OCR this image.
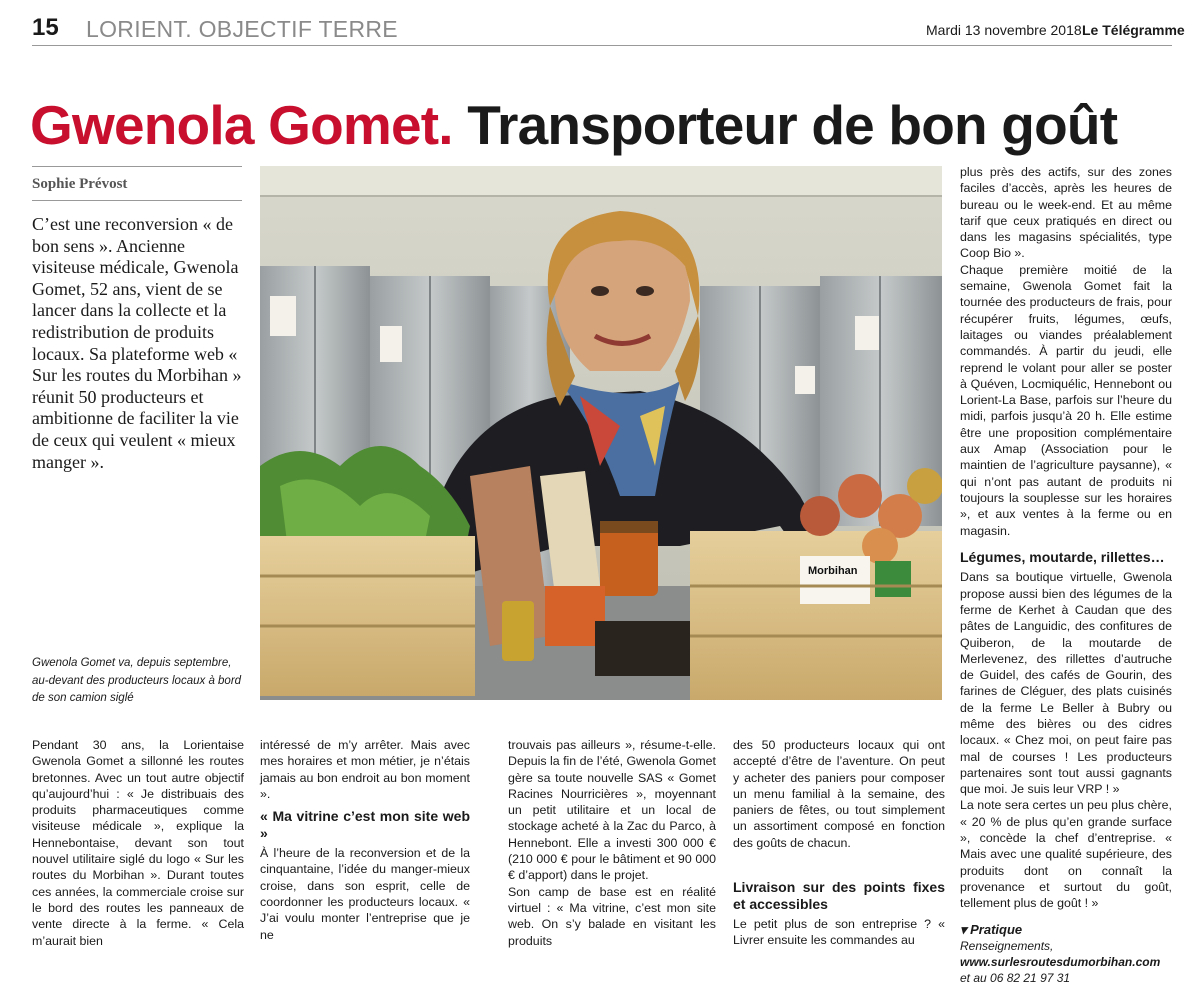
15 LORIENT. OBJECTIF TERRE	Mardi 13 novembre 2018 Le Télégramme
Gwenola Gomet. Transporteur de bon goût
Sophie Prévost
C’est une reconversion « de bon sens ». Ancienne visiteuse médicale, Gwenola Gomet, 52 ans, vient de se lancer dans la collecte et la redistribution de produits locaux. Sa plateforme web « Sur les routes du Morbihan » réunit 50 producteurs et ambitionne de faciliter la vie de ceux qui veulent « mieux manger ».
Morbihan
Gwenola Gomet va, depuis septembre, au-devant des producteurs locaux à bord de son camion siglé

Pendant 30 ans, la Lorientaise Gwenola Gomet a sillonné les routes bretonnes. Avec un tout autre objectif qu’aujourd’hui : « Je distribuais des produits pharmaceutiques comme visiteuse médicale », explique la Hennebontaise, devant son tout nouvel utilitaire siglé du logo « Sur les routes du Morbihan ». Durant toutes ces années, la commerciale croise sur le bord des routes les panneaux de vente directe à la ferme. « Cela m’aurait bien

intéressé de m’y arrêter. Mais avec mes horaires et mon métier, je n’étais jamais au bon endroit au bon moment ».

« Ma vitrine c’est mon site web »

À l’heure de la reconversion et de la cinquantaine, l’idée du manger-mieux croise, dans son esprit, celle de coordonner les producteurs locaux. « J’ai voulu monter l’entreprise que je ne

trouvais pas ailleurs », résume-t-elle. Depuis la fin de l’été, Gwenola Gomet gère sa toute nouvelle SAS « Gomet Racines Nourricières », moyennant un petit utilitaire et un local de stockage acheté à la Zac du Parco, à Hennebont. Elle a investi 300 000 € (210 000 € pour le bâtiment et 90 000 € d’apport) dans le projet.

Son camp de base est en réalité virtuel : « Ma vitrine, c’est mon site web. On s’y balade en visitant les produits

des 50 producteurs locaux qui ont accepté d’être de l’aventure. On peut y acheter des paniers pour composer un menu familial à la semaine, des paniers de fêtes, ou tout simplement un assortiment composé en fonction des goûts de chacun.

Livraison sur des points fixes et accessibles

Le petit plus de son entreprise ? « Livrer ensuite les commandes au

plus près des actifs, sur des zones faciles d’accès, après les heures de bureau ou le week-end. Et au même tarif que ceux pratiqués en direct ou dans les magasins spécialités, type Coop Bio ».

Chaque première moitié de la semaine, Gwenola Gomet fait la tournée des producteurs de frais, pour récupérer fruits, légumes, œufs, laitages ou viandes préalablement commandés. À partir du jeudi, elle reprend le volant pour aller se poster à Quéven, Locmiquélic, Hennebont ou Lorient-La Base, parfois sur l’heure du midi, parfois jusqu’à 20 h. Elle estime être une proposition complémentaire aux Amap (Association pour le maintien de l’agriculture paysanne), « qui n’ont pas autant de produits ni toujours la souplesse sur les horaires », et aux ventes à la ferme ou en magasin.

Légumes, moutarde, rillettes…

Dans sa boutique virtuelle, Gwenola propose aussi bien des légumes de la ferme de Kerhet à Caudan que des pâtes de Languidic, des confitures de Quiberon, de la moutarde de Merlevenez, des rillettes d’autruche de Guidel, des cafés de Gourin, des farines de Cléguer, des plats cuisinés de la ferme Le Beller à Bubry ou même des bières ou des cidres locaux. « Chez moi, on peut faire pas mal de courses ! Les producteurs partenaires sont tout aussi gagnants que moi. Je suis leur VRP ! »

La note sera certes un peu plus chère, « 20 % de plus qu’en grande surface », concède la chef d’entreprise. « Mais avec une qualité supérieure, des produits dont on connaît la provenance et surtout du goût, tellement plus de goût ! »

▾ Pratique
Renseignements,
www.surlesroutesdumorbihan.com
et au 06 82 21 97 31
